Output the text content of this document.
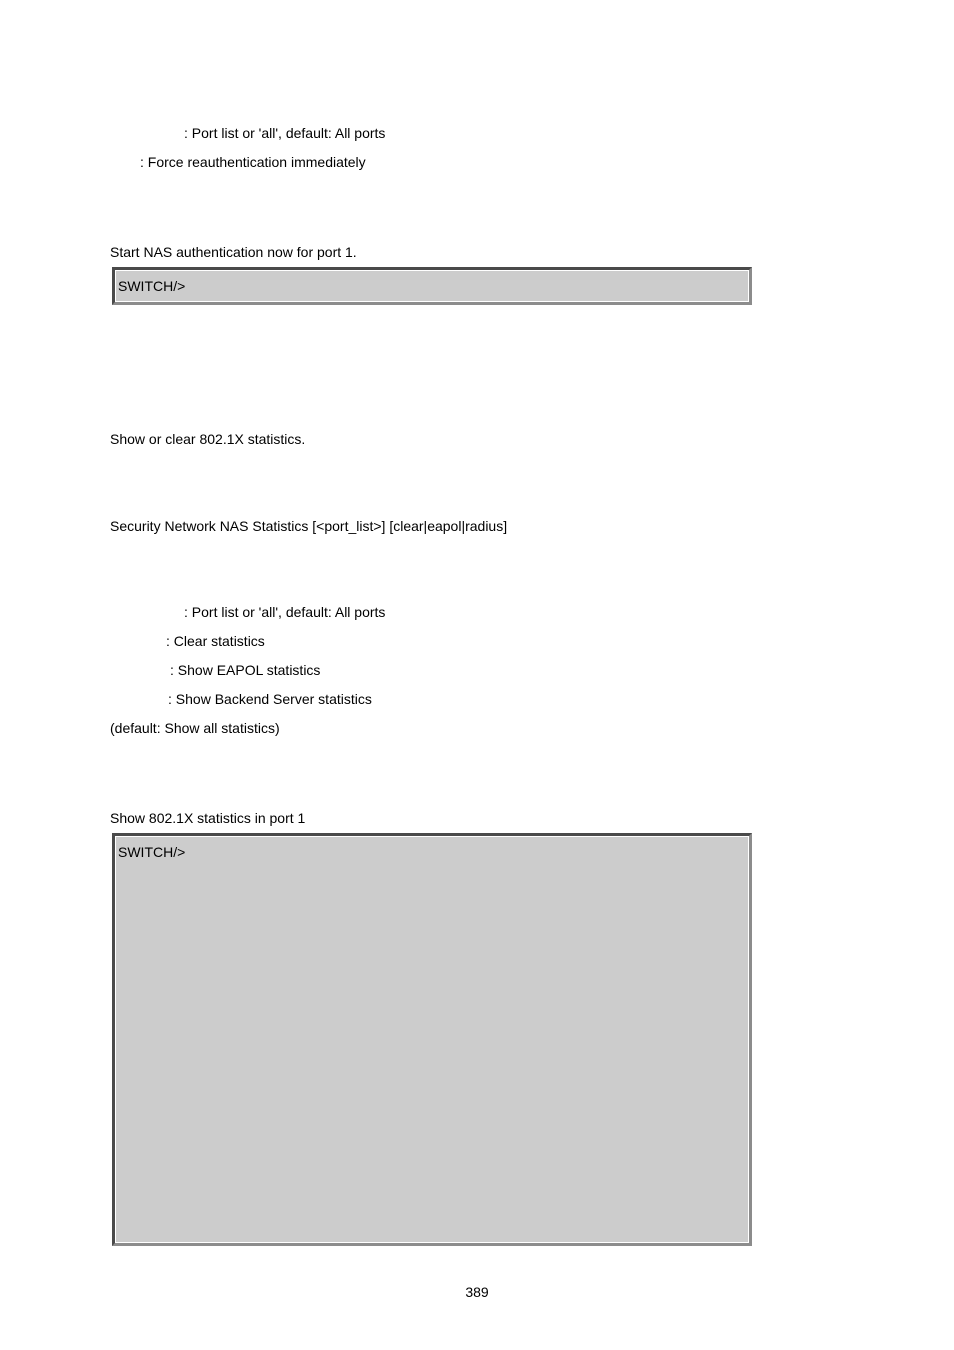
: Port list or 'all', default: All ports
: Force reauthentication immediately
Start NAS authentication now for port 1.
SWITCH/>
Show or clear 802.1X statistics.
Security Network NAS Statistics [<port_list>] [clear|eapol|radius]
: Port list or 'all', default: All ports
: Clear statistics
: Show EAPOL statistics
: Show Backend Server statistics
(default: Show all statistics)
Show 802.1X statistics in port 1
SWITCH/>
389
